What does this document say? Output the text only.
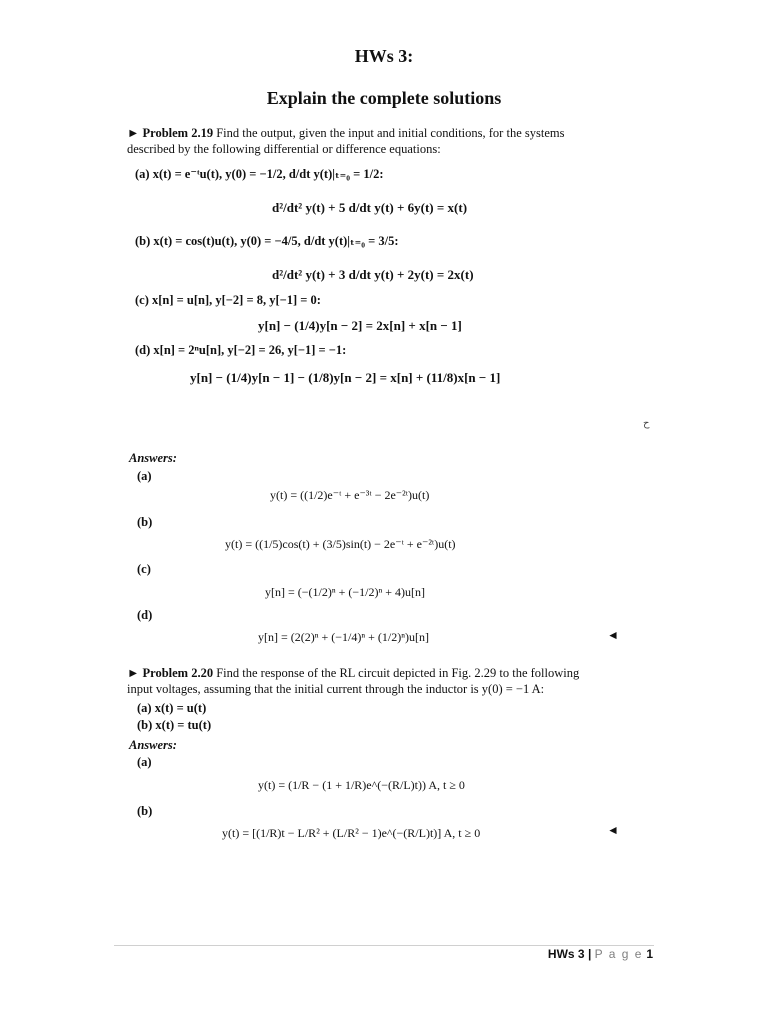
HWs 3:
Explain the complete solutions
► Problem 2.19 Find the output, given the input and initial conditions, for the systems
described by the following differential or difference equations:
(a) x(t) = e⁻ᵗu(t), y(0) = −1/2, d/dt y(t)|ₜ₌₀ = 1/2:
d²/dt² y(t) + 5 d/dt y(t) + 6y(t) = x(t)
(b) x(t) = cos(t)u(t), y(0) = −4/5, d/dt y(t)|ₜ₌₀ = 3/5:
d²/dt² y(t) + 3 d/dt y(t) + 2y(t) = 2x(t)
(c) x[n] = u[n], y[−2] = 8, y[−1] = 0:
y[n] − (1/4)y[n − 2] = 2x[n] + x[n − 1]
(d) x[n] = 2ⁿu[n], y[−2] = 26, y[−1] = −1:
y[n] − (1/4)y[n − 1] − (1/8)y[n − 2] = x[n] + (11/8)x[n − 1]
ح
Answers:
(a)
y(t) = ((1/2)e⁻ᵗ + e⁻³ᵗ − 2e⁻²ᵗ)u(t)
(b)
y(t) = ((1/5)cos(t) + (3/5)sin(t) − 2e⁻ᵗ + e⁻²ᵗ)u(t)
(c)
y[n] = (−(1/2)ⁿ + (−1/2)ⁿ + 4)u[n]
(d)
y[n] = (2(2)ⁿ + (−1/4)ⁿ + (1/2)ⁿ)u[n]	◄
► Problem 2.20 Find the response of the RL circuit depicted in Fig. 2.29 to the following
input voltages, assuming that the initial current through the inductor is y(0) = −1 A:
(a) x(t) = u(t)
(b) x(t) = tu(t)
Answers:
(a)
y(t) = (1/R − (1 + 1/R)e^(−(R/L)t)) A, t ≥ 0
(b)
y(t) = [(1/R)t − L/R² + (L/R² − 1)e^(−(R/L)t)] A, t ≥ 0	◄
HWs 3 | P a g e 1
